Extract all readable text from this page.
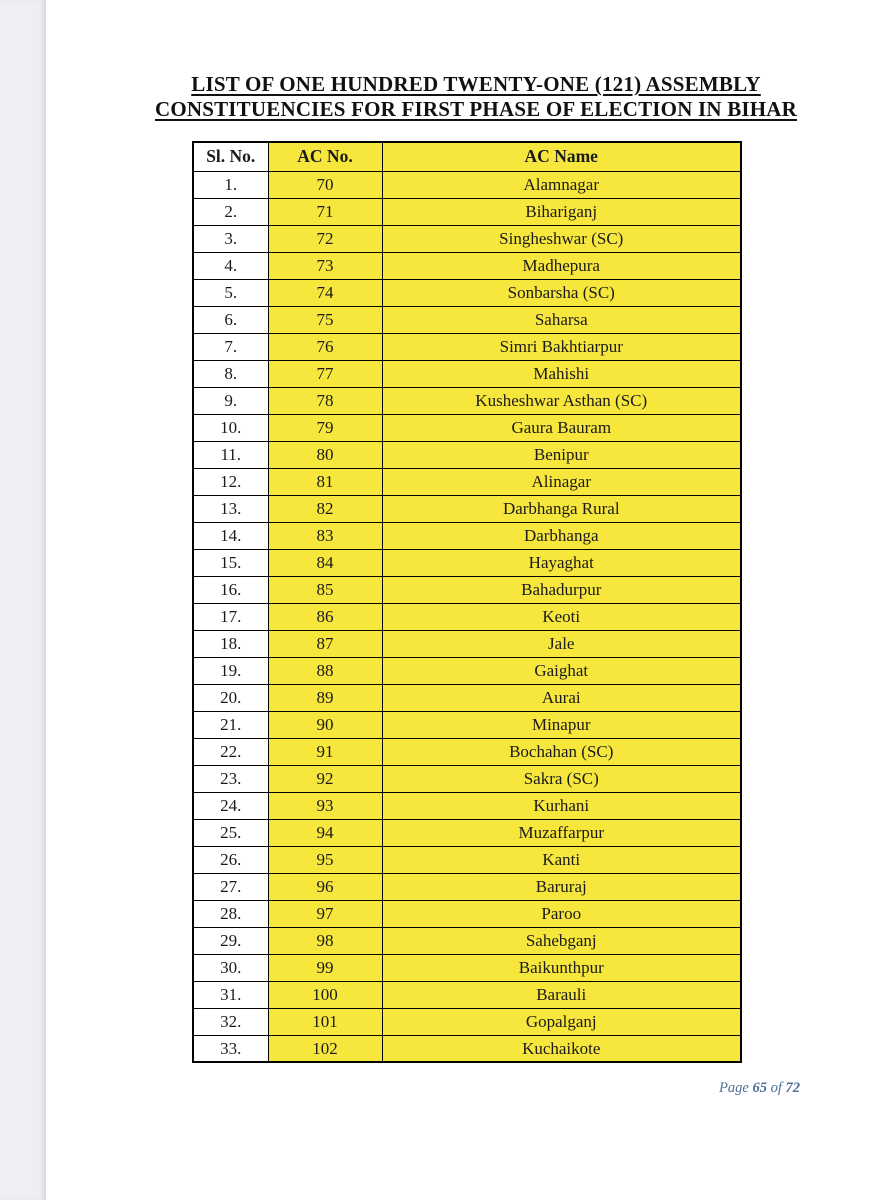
LIST OF ONE HUNDRED TWENTY-ONE (121) ASSEMBLY
CONSTITUENCIES FOR FIRST PHASE OF ELECTION IN BIHAR
Sl. No.	AC No.	AC Name
1.	70	Alamnagar
2.	71	Bihariganj
3.	72	Singheshwar (SC)
4.	73	Madhepura
5.	74	Sonbarsha (SC)
6.	75	Saharsa
7.	76	Simri Bakhtiarpur
8.	77	Mahishi
9.	78	Kusheshwar Asthan (SC)
10.	79	Gaura Bauram
11.	80	Benipur
12.	81	Alinagar
13.	82	Darbhanga Rural
14.	83	Darbhanga
15.	84	Hayaghat
16.	85	Bahadurpur
17.	86	Keoti
18.	87	Jale
19.	88	Gaighat
20.	89	Aurai
21.	90	Minapur
22.	91	Bochahan (SC)
23.	92	Sakra (SC)
24.	93	Kurhani
25.	94	Muzaffarpur
26.	95	Kanti
27.	96	Baruraj
28.	97	Paroo
29.	98	Sahebganj
30.	99	Baikunthpur
31.	100	Barauli
32.	101	Gopalganj
33.	102	Kuchaikote
Page 65 of 72
